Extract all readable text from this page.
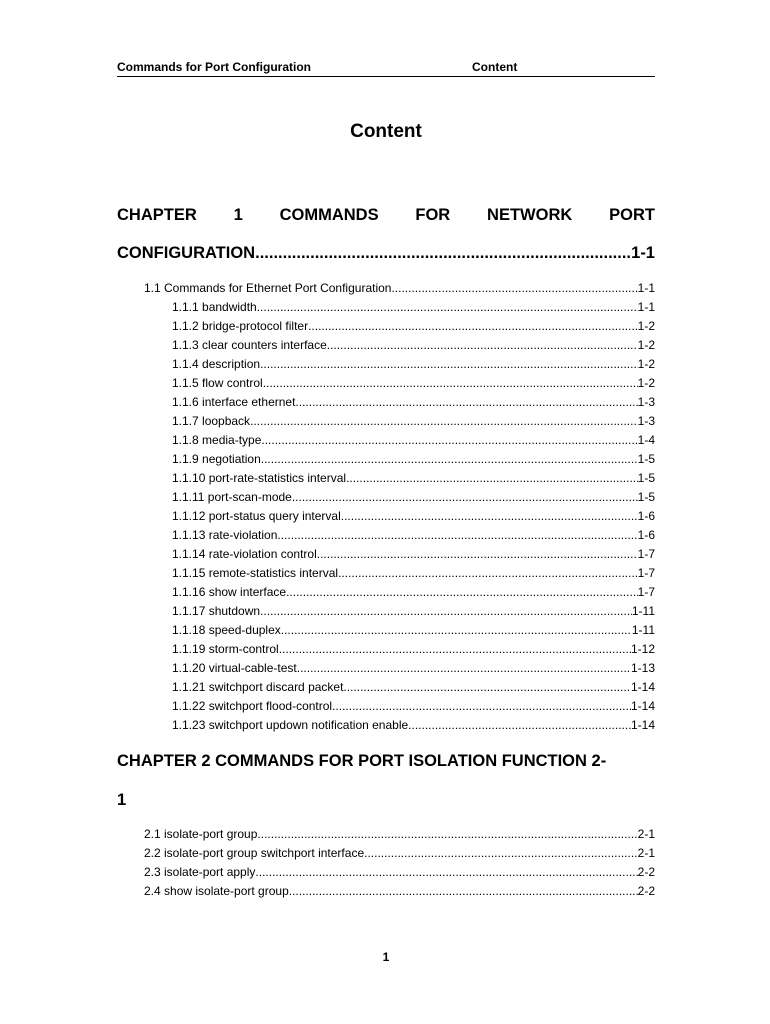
Commands for Port Configuration	Content
Content
CHAPTER 1 COMMANDS FOR NETWORK PORT
CONFIGURATION .....	1-1
1.1 Commands for Ethernet Port Configuration .....	1-1
1.1.1 bandwidth .....	1-1
1.1.2 bridge-protocol filter .....	1-2
1.1.3 clear counters interface .....	1-2
1.1.4 description .....	1-2
1.1.5 flow control .....	1-2
1.1.6 interface ethernet .....	1-3
1.1.7 loopback .....	1-3
1.1.8 media-type .....	1-4
1.1.9 negotiation .....	1-5
1.1.10 port-rate-statistics interval .....	1-5
1.1.11 port-scan-mode .....	1-5
1.1.12 port-status query interval .....	1-6
1.1.13 rate-violation .....	1-6
1.1.14 rate-violation control .....	1-7
1.1.15 remote-statistics interval .....	1-7
1.1.16 show interface .....	1-7
1.1.17 shutdown .....	1-11
1.1.18 speed-duplex .....	1-11
1.1.19 storm-control .....	1-12
1.1.20 virtual-cable-test .....	1-13
1.1.21 switchport discard packet .....	1-14
1.1.22 switchport flood-control .....	1-14
1.1.23 switchport updown notification enable .....	1-14
CHAPTER 2 COMMANDS FOR PORT ISOLATION FUNCTION 2-
1
2.1 isolate-port group .....	2-1
2.2 isolate-port group switchport interface .....	2-1
2.3 isolate-port apply .....	2-2
2.4 show isolate-port group .....	2-2
1
